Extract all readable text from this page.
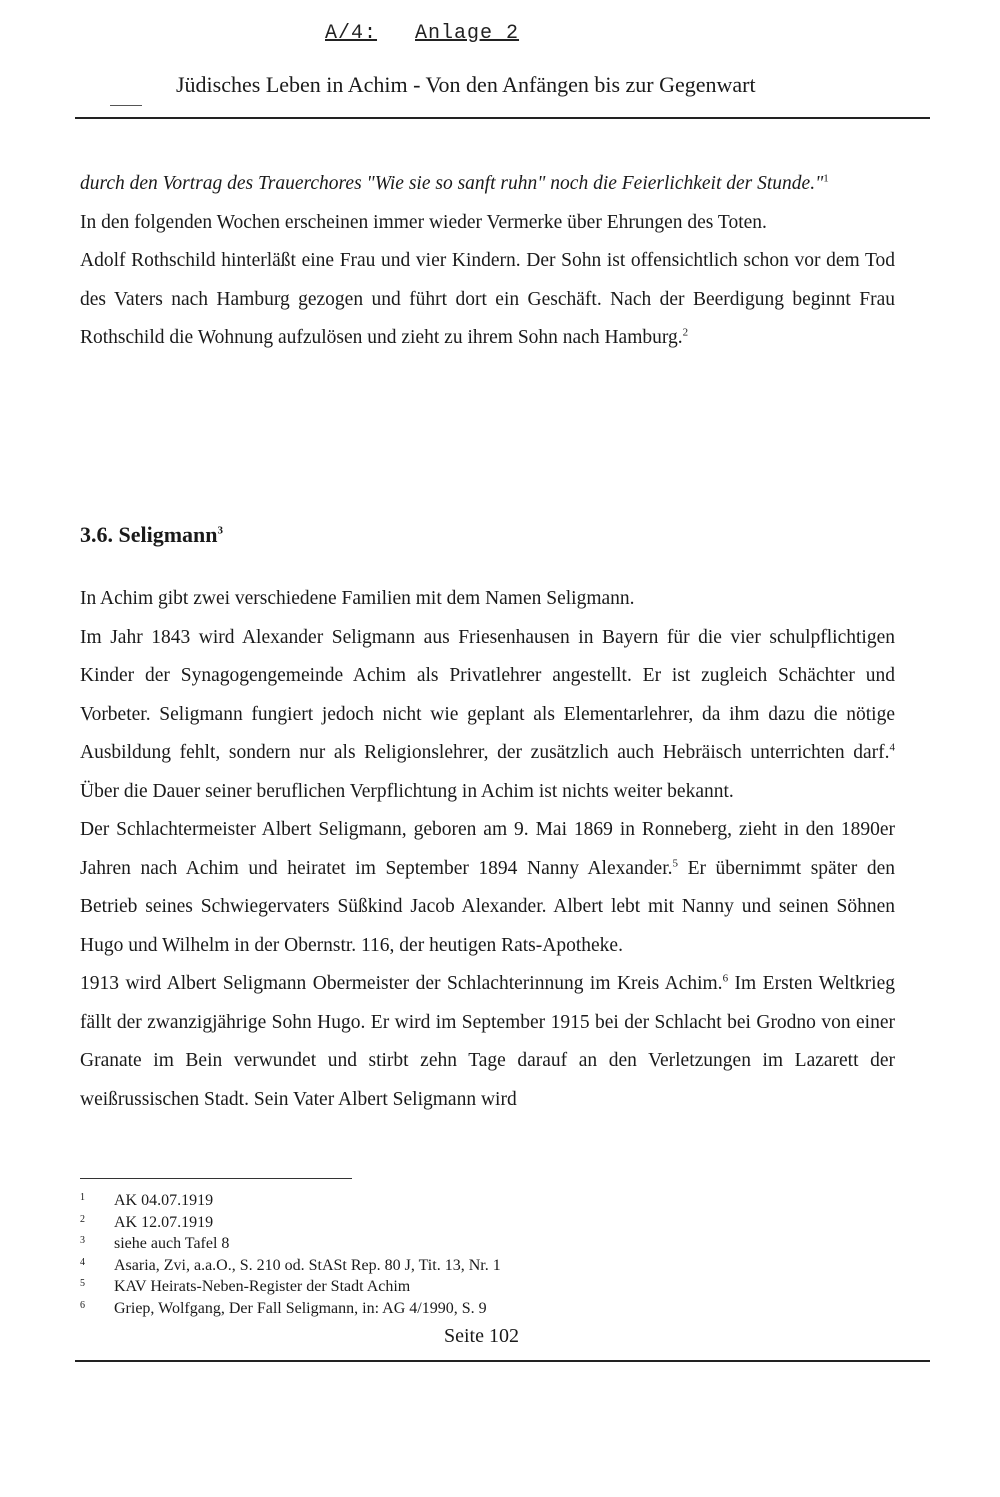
A/4: Anlage 2
Jüdisches Leben in Achim - Von den Anfängen bis zur Gegenwart

durch den Vortrag des Trauerchores "Wie sie so sanft ruhn" noch die Feierlichkeit der Stunde."$^1$

In den folgenden Wochen erscheinen immer wieder Vermerke über Ehrungen des Toten.

Adolf Rothschild hinterläßt eine Frau und vier Kindern. Der Sohn ist offensichtlich schon vor dem Tod des Vaters nach Hamburg gezogen und führt dort ein Geschäft. Nach der Beerdigung beginnt Frau Rothschild die Wohnung aufzulösen und zieht zu ihrem Sohn nach Hamburg.$^2$

3.6. Seligmann$^3$

In Achim gibt zwei verschiedene Familien mit dem Namen Seligmann.

Im Jahr 1843 wird Alexander Seligmann aus Friesenhausen in Bayern für die vier schulpflichtigen Kinder der Synagogengemeinde Achim als Privatlehrer angestellt. Er ist zugleich Schächter und Vorbeter. Seligmann fungiert jedoch nicht wie geplant als Elementarlehrer, da ihm dazu die nötige Ausbildung fehlt, sondern nur als Religionslehrer, der zusätzlich auch Hebräisch unterrichten darf.$^4$ Über die Dauer seiner beruflichen Verpflichtung in Achim ist nichts weiter bekannt.

Der Schlachtermeister Albert Seligmann, geboren am 9. Mai 1869 in Ronneberg, zieht in den 1890er Jahren nach Achim und heiratet im September 1894 Nanny Alexander.$^5$ Er übernimmt später den Betrieb seines Schwiegervaters Süßkind Jacob Alexander. Albert lebt mit Nanny und seinen Söhnen Hugo und Wilhelm in der Obernstr. 116, der heutigen Rats-Apotheke.

1913 wird Albert Seligmann Obermeister der Schlachterinnung im Kreis Achim.$^6$ Im Ersten Weltkrieg fällt der zwanzigjährige Sohn Hugo. Er wird im September 1915 bei der Schlacht bei Grodno von einer Granate im Bein verwundet und stirbt zehn Tage darauf an den Verletzungen im Lazarett der weißrussischen Stadt. Sein Vater Albert Seligmann wird

1	AK 04.07.1919
2	AK 12.07.1919
3	siehe auch Tafel 8
4	Asaria, Zvi, a.a.O., S. 210 od. StASt Rep. 80 J, Tit. 13, Nr. 1
5	KAV Heirats-Neben-Register der Stadt Achim
6	Griep, Wolfgang, Der Fall Seligmann, in: AG 4/1990, S. 9
Seite 102
